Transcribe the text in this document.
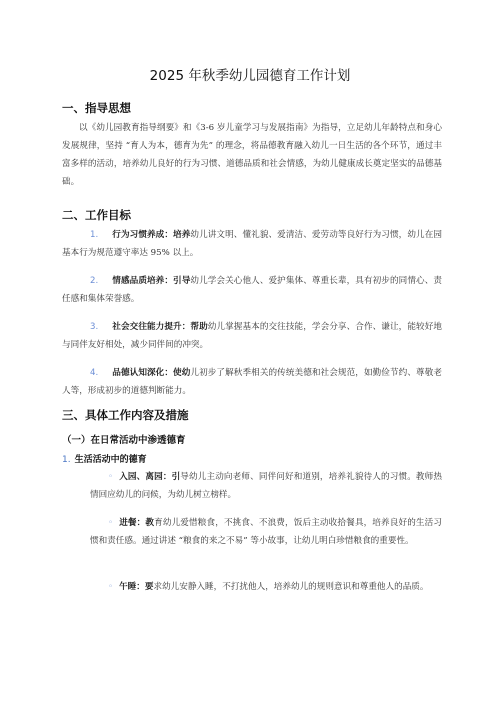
2025 年秋季幼儿园德育工作计划
一、指导思想

以《幼儿园教育指导纲要》和《3-6 岁儿童学习与发展指南》为指导，立足幼儿年龄特点和身心发展规律，坚持 “育人为本，德育为先” 的理念，将品德教育融入幼儿一日生活的各个环节，通过丰富多样的活动，培养幼儿良好的行为习惯、道德品质和社会情感，为幼儿健康成长奠定坚实的品德基础。

二、工作目标

1. 行为习惯养成：培养幼儿讲文明、懂礼貌、爱清洁、爱劳动等良好行为习惯，幼儿在园基本行为规范遵守率达 95% 以上。

2. 情感品质培养：引导幼儿学会关心他人、爱护集体、尊重长辈，具有初步的同情心、责任感和集体荣誉感。

3. 社会交往能力提升：帮助幼儿掌握基本的交往技能，学会分享、合作、谦让，能较好地与同伴友好相处，减少同伴间的冲突。

4. 品德认知深化：使幼儿初步了解秋季相关的传统美德和社会规范，如勤俭节约、尊敬老人等，形成初步的道德判断能力。

三、具体工作内容及措施
（一）在日常活动中渗透德育
1. 生活活动中的德育

◦ 入园、离园：引导幼儿主动向老师、同伴问好和道别，培养礼貌待人的习惯。教师热情回应幼儿的问候，为幼儿树立榜样。

◦ 进餐：教育幼儿爱惜粮食，不挑食、不浪费，饭后主动收拾餐具，培养良好的生活习惯和责任感。通过讲述 “粮食的来之不易” 等小故事，让幼儿明白珍惜粮食的重要性。

◦ 午睡：要求幼儿安静入睡，不打扰他人，培养幼儿的规则意识和尊重他人的品质。
